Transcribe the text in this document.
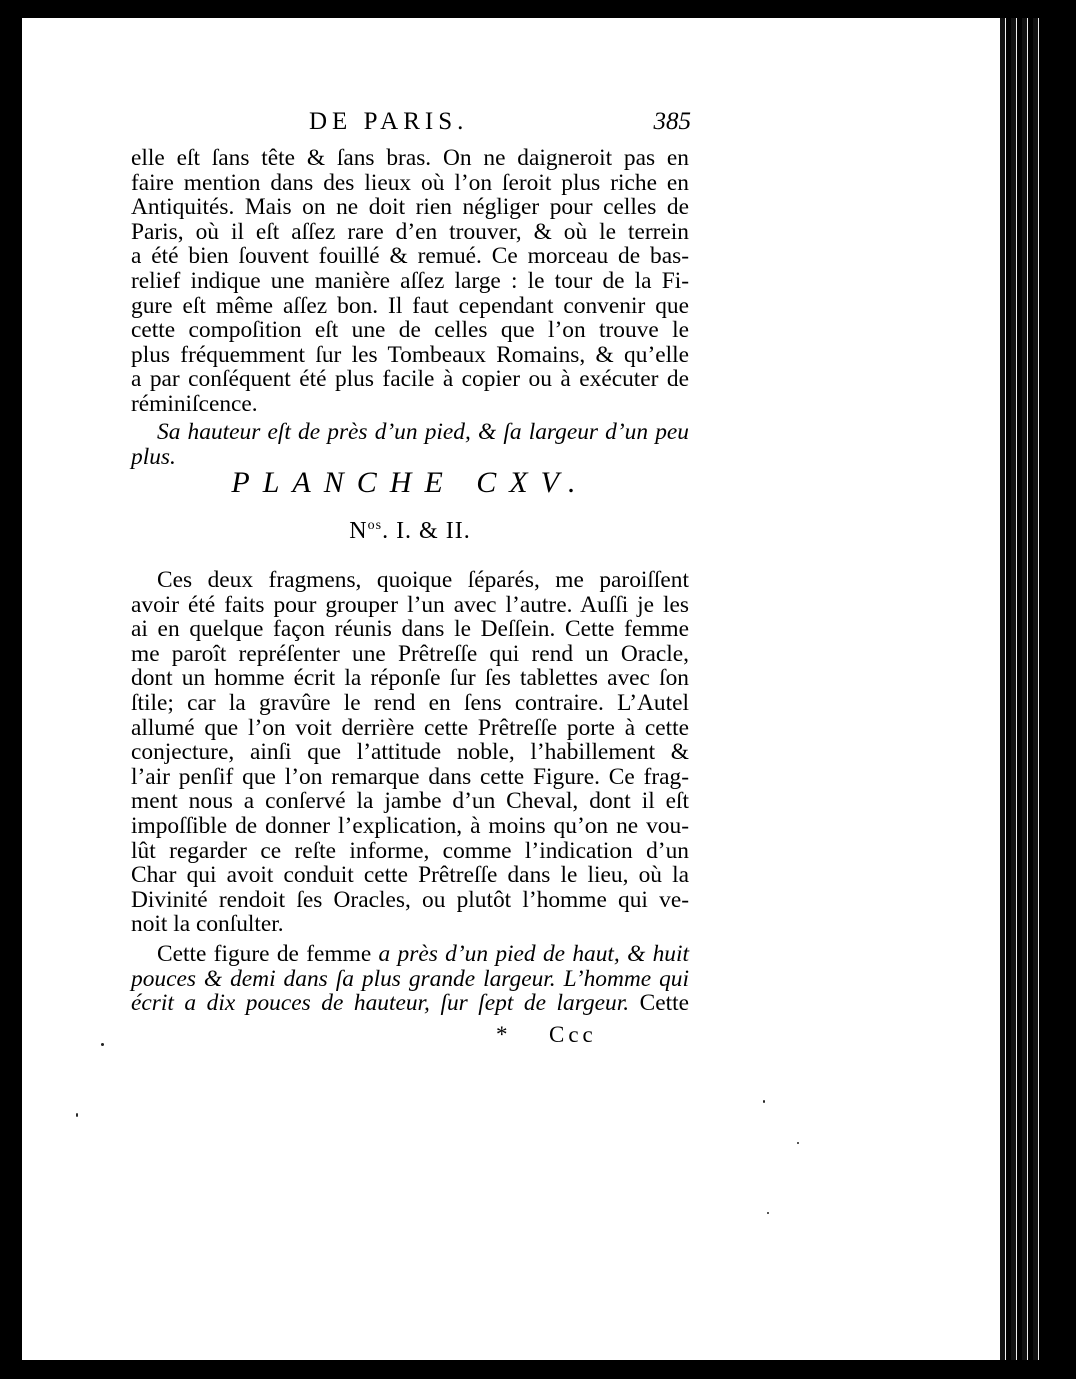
DE PARIS.	385
elle eſt ſans tête & ſans bras. On ne daigneroit pas en
faire mention dans des lieux où l’on ſeroit plus riche en
Antiquités. Mais on ne doit rien négliger pour celles de
Paris, où il eſt aſſez rare d’en trouver, & où le terrein
a été bien ſouvent fouillé & remué. Ce morceau de bas-
relief indique une manière aſſez large : le tour de la Fi-
gure eſt même aſſez bon. Il faut cependant convenir que
cette compoſition eſt une de celles que l’on trouve le
plus fréquemment ſur les Tombeaux Romains, & qu’elle
a par conſéquent été plus facile à copier ou à exécuter de
réminiſcence.
Sa hauteur eſt de près d’un pied, & ſa largeur d’un peu
plus.
PLANCHE CXV.
$N^{os}$. I. & II.
Ces deux fragmens, quoique ſéparés, me paroiſſent
avoir été faits pour grouper l’un avec l’autre. Auſſi je les
ai en quelque façon réunis dans le Deſſein. Cette femme
me paroît repréſenter une Prêtreſſe qui rend un Oracle,
dont un homme écrit la réponſe ſur ſes tablettes avec ſon
ſtile; car la gravûre le rend en ſens contraire. L’Autel
allumé que l’on voit derrière cette Prêtreſſe porte à cette
conjecture, ainſi que l’attitude noble, l’habillement &
l’air penſif que l’on remarque dans cette Figure. Ce frag-
ment nous a conſervé la jambe d’un Cheval, dont il eſt
impoſſible de donner l’explication, à moins qu’on ne vou-
lût regarder ce reſte informe, comme l’indication d’un
Char qui avoit conduit cette Prêtreſſe dans le lieu, où la
Divinité rendoit ſes Oracles, ou plutôt l’homme qui ve-
noit la conſulter.
Cette figure de femme a près d’un pied de haut, & huit
pouces & demi dans ſa plus grande largeur. L’homme qui
écrit a dix pouces de hauteur, ſur ſept de largeur. Cette
* Ccc
